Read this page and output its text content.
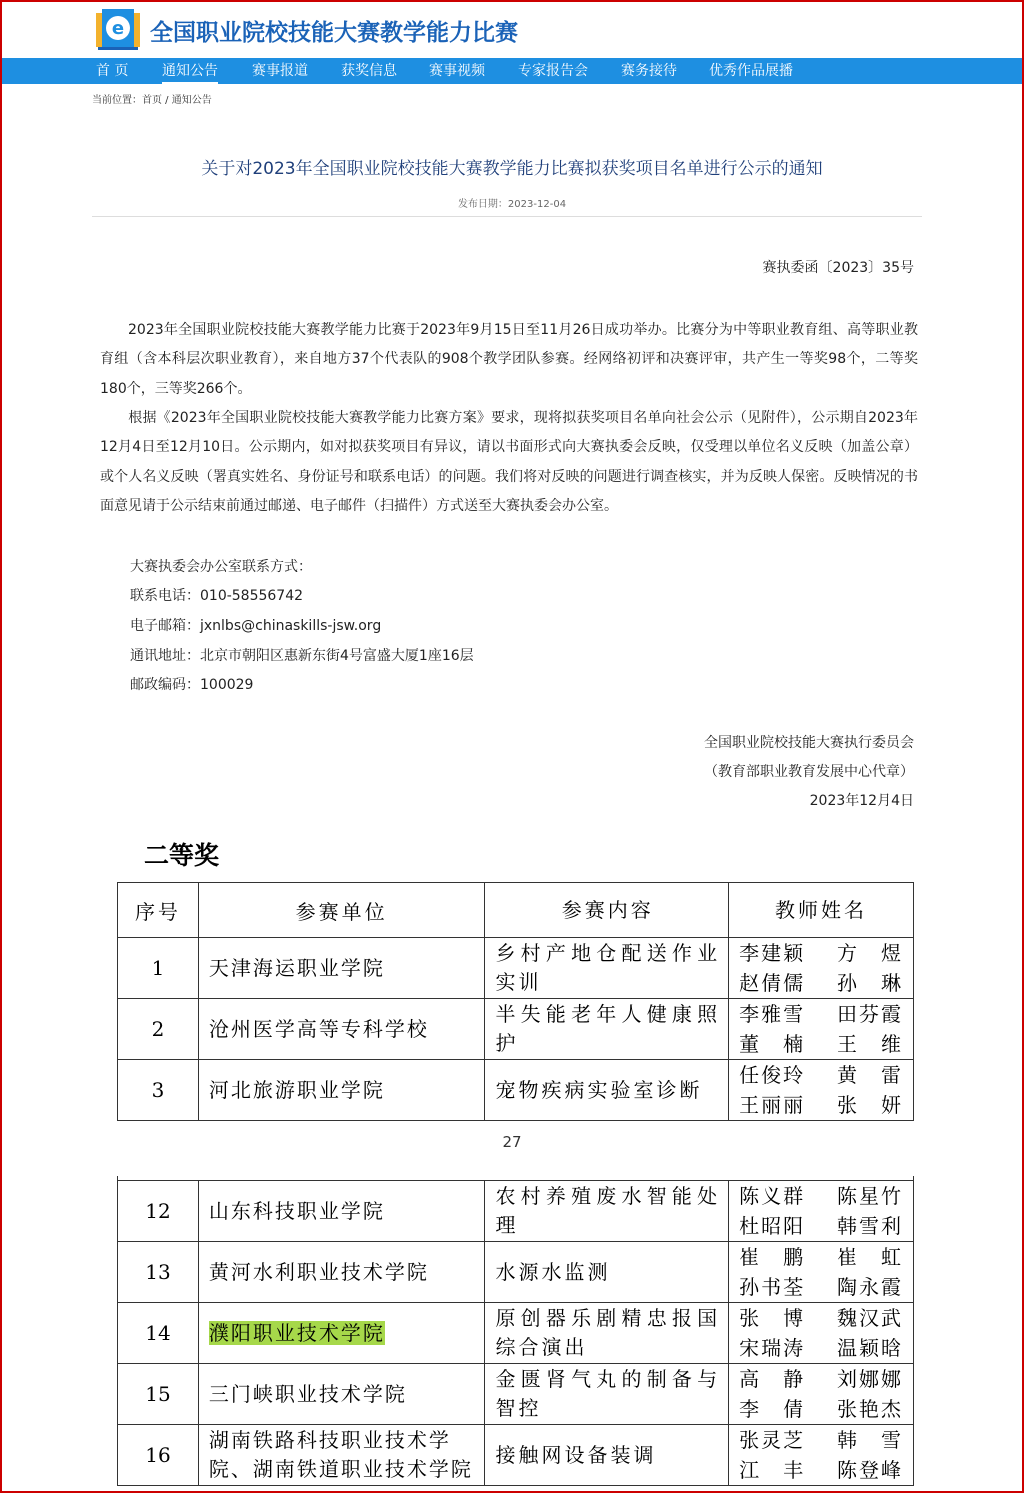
e 全国职业院校技能大赛教学能力比赛
首 页 通知公告 赛事报道 获奖信息 赛事视频 专家报告会 赛务接待 优秀作品展播
当前位置：首页 / 通知公告
关于对2023年全国职业院校技能大赛教学能力比赛拟获奖项目名单进行公示的通知
发布日期：2023-12-04
赛执委函〔2023〕35号
2023年全国职业院校技能大赛教学能力比赛于2023年9月15日至11月26日成功举办。比赛分为中等职业教育组、高等职业教育组（含本科层次职业教育），来自地方37个代表队的908个教学团队参赛。经网络初评和决赛评审，共产生一等奖98个，二等奖180个，三等奖266个。
根据《2023年全国职业院校技能大赛教学能力比赛方案》要求，现将拟获奖项目名单向社会公示（见附件），公示期自2023年12月4日至12月10日。公示期内，如对拟获奖项目有异议，请以书面形式向大赛执委会反映，仅受理以单位名义反映（加盖公章）或个人名义反映（署真实姓名、身份证号和联系电话）的问题。我们将对反映的问题进行调查核实，并为反映人保密。反映情况的书面意见请于公示结束前通过邮递、电子邮件（扫描件）方式送至大赛执委会办公室。
大赛执委会办公室联系方式：
联系电话：010-58556742
电子邮箱：jxnlbs@chinaskills-jsw.org
通讯地址：北京市朝阳区惠新东街4号富盛大厦1座16层
邮政编码：100029
全国职业院校技能大赛执行委员会
（教育部职业教育发展中心代章）
2023年12月4日
二等奖
序号	参赛单位	参赛内容	教师姓名
1	天津海运职业学院	乡村产地仓配送作业实训	李建颖 方　煜
赵倩儒 孙　琳

2	沧州医学高等专科学校	半失能老年人健康照护	李雅雪 田芬霞
董　楠 王　维

3	河北旅游职业学院	宠物疾病实验室诊断	任俊玲 黄　雷
王丽丽 张　妍
27
12	山东科技职业学院	农村养殖废水智能处理	陈义群 陈星竹
杜昭阳 韩雪利

13	黄河水利职业技术学院	水源水监测	崔　鹏 崔　虹
孙书荃 陶永霞

14	濮阳职业技术学院	原创器乐剧精忠报国综合演出	张　博 魏汉武
宋瑞涛 温颖晗

15	三门峡职业技术学院	金匮肾气丸的制备与智控	高　静 刘娜娜
李　倩 张艳杰

16	湖南铁路科技职业技术学院、湖南铁道职业技术学院	接触网设备装调	张灵芝 韩　雪
江　丰 陈登峰
